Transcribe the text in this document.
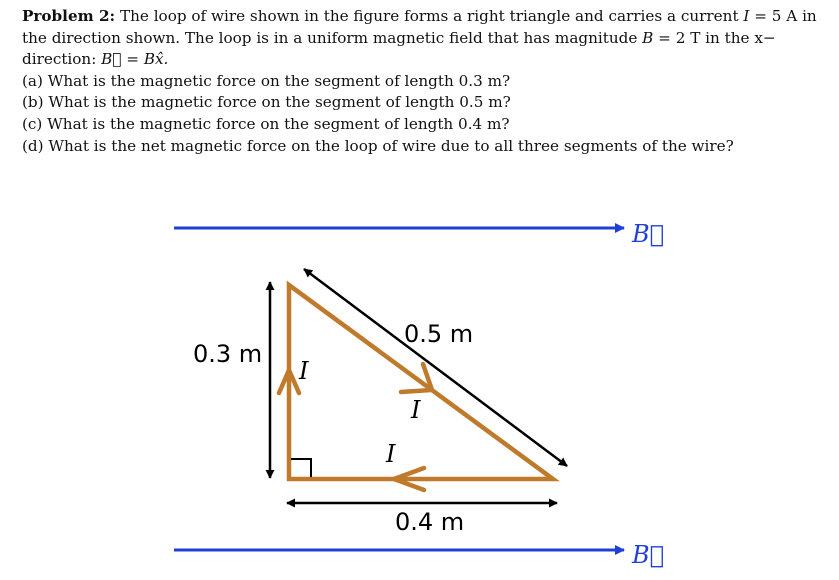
Problem 2: The loop of wire shown in the figure forms a right triangle and carries a current I = 5 A in the direction shown. The loop is in a uniform magnetic field that has magnitude B = 2 T in the x− direction: B⃗ = Bx̂.

(a) What is the magnetic force on the segment of length 0.3 m?

(b) What is the magnetic force on the segment of length 0.5 m?

(c) What is the magnetic force on the segment of length 0.4 m?

(d) What is the net magnetic force on the loop of wire due to all three segments of the wire?

B⃗
B⃗
0.3 m
0.5 m
0.4 m
I
I
I
